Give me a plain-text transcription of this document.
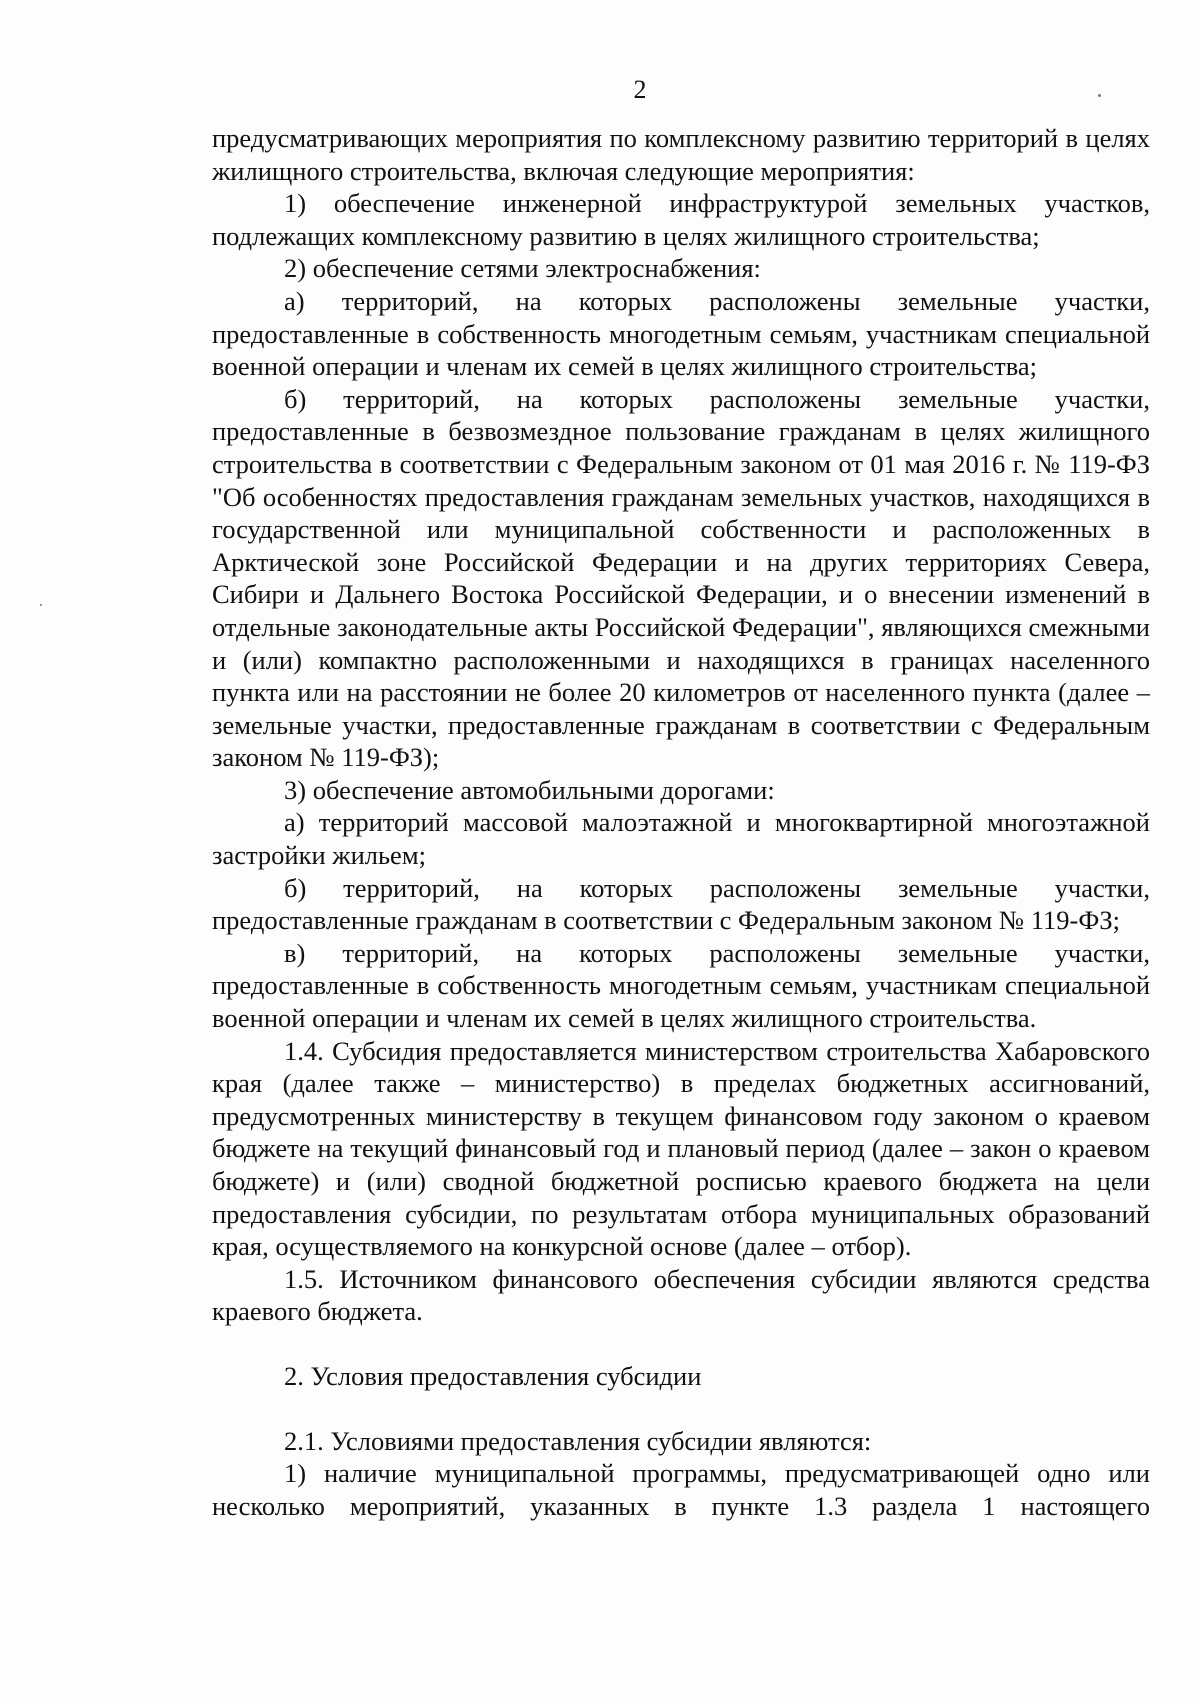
2

предусматривающих мероприятия по комплексному развитию территорий в целях жилищного строительства, включая следующие мероприятия:

1) обеспечение инженерной инфраструктурой земельных участков, подлежащих комплексному развитию в целях жилищного строительства;

2) обеспечение сетями электроснабжения:

а) территорий, на которых расположены земельные участки, предоставленные в собственность многодетным семьям, участникам специальной военной операции и членам их семей в целях жилищного строительства;

б) территорий, на которых расположены земельные участки, предоставленные в безвозмездное пользование гражданам в целях жилищного строительства в соответствии с Федеральным законом от 01 мая 2016 г. № 119-ФЗ "Об особенностях предоставления гражданам земельных участков, находящихся в государственной или муниципальной собственности и расположенных в Арктической зоне Российской Федерации и на других территориях Севера, Сибири и Дальнего Востока Российской Федерации, и о внесении изменений в отдельные законодательные акты Российской Федерации", являющихся смежными и (или) компактно расположенными и находящихся в границах населенного пункта или на расстоянии не более 20 километров от населенного пункта (далее – земельные участки, предоставленные гражданам в соответствии с Федеральным законом № 119-ФЗ);

3) обеспечение автомобильными дорогами:

а) территорий массовой малоэтажной и многоквартирной многоэтажной застройки жильем;

б) территорий, на которых расположены земельные участки, предоставленные гражданам в соответствии с Федеральным законом № 119-ФЗ;

в) территорий, на которых расположены земельные участки, предоставленные в собственность многодетным семьям, участникам специальной военной операции и членам их семей в целях жилищного строительства.

1.4. Субсидия предоставляется министерством строительства Хабаровского края (далее также – министерство) в пределах бюджетных ассигнований, предусмотренных министерству в текущем финансовом году законом о краевом бюджете на текущий финансовый год и плановый период (далее – закон о краевом бюджете) и (или) сводной бюджетной росписью краевого бюджета на цели предоставления субсидии, по результатам отбора муниципальных образований края, осуществляемого на конкурсной основе (далее – отбор).

1.5. Источником финансового обеспечения субсидии являются средства краевого бюджета.

2. Условия предоставления субсидии

2.1. Условиями предоставления субсидии являются:

1) наличие муниципальной программы, предусматривающей одно или несколько мероприятий, указанных в пункте 1.3 раздела 1 настоящего
